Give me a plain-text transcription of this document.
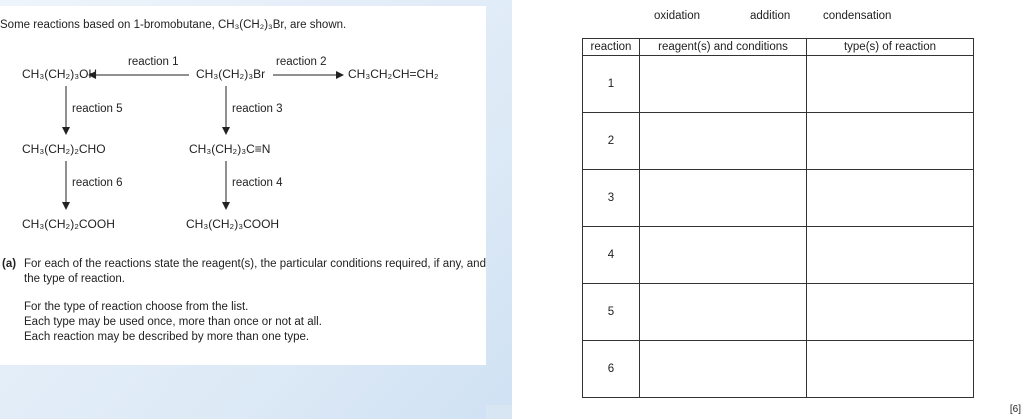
Some reactions based on 1-bromobutane, CH₃(CH₂)₃Br, are shown.
CH₃(CH₂)₃OH	CH₃(CH₂)₃Br	CH₃CH₂CH=CH₂
CH₃(CH₂)₂CHO	CH₃(CH₂)₃C≡N
CH₃(CH₂)₂COOH	CH₃(CH₂)₃COOH
reaction 1	reaction 2
reaction 5	reaction 3
reaction 6	reaction 4
(a) For each of the reactions state the reagent(s), the particular conditions required, if any, and the type of reaction.

For the type of reaction choose from the list.

Each type may be used once, more than once or not at all.

Each reaction may be described by more than one type.

oxidation	addition	condensation
reaction	reagent(s) and conditions	type(s) of reaction
1		
2		
3		
4		
5		
6		
[6]
